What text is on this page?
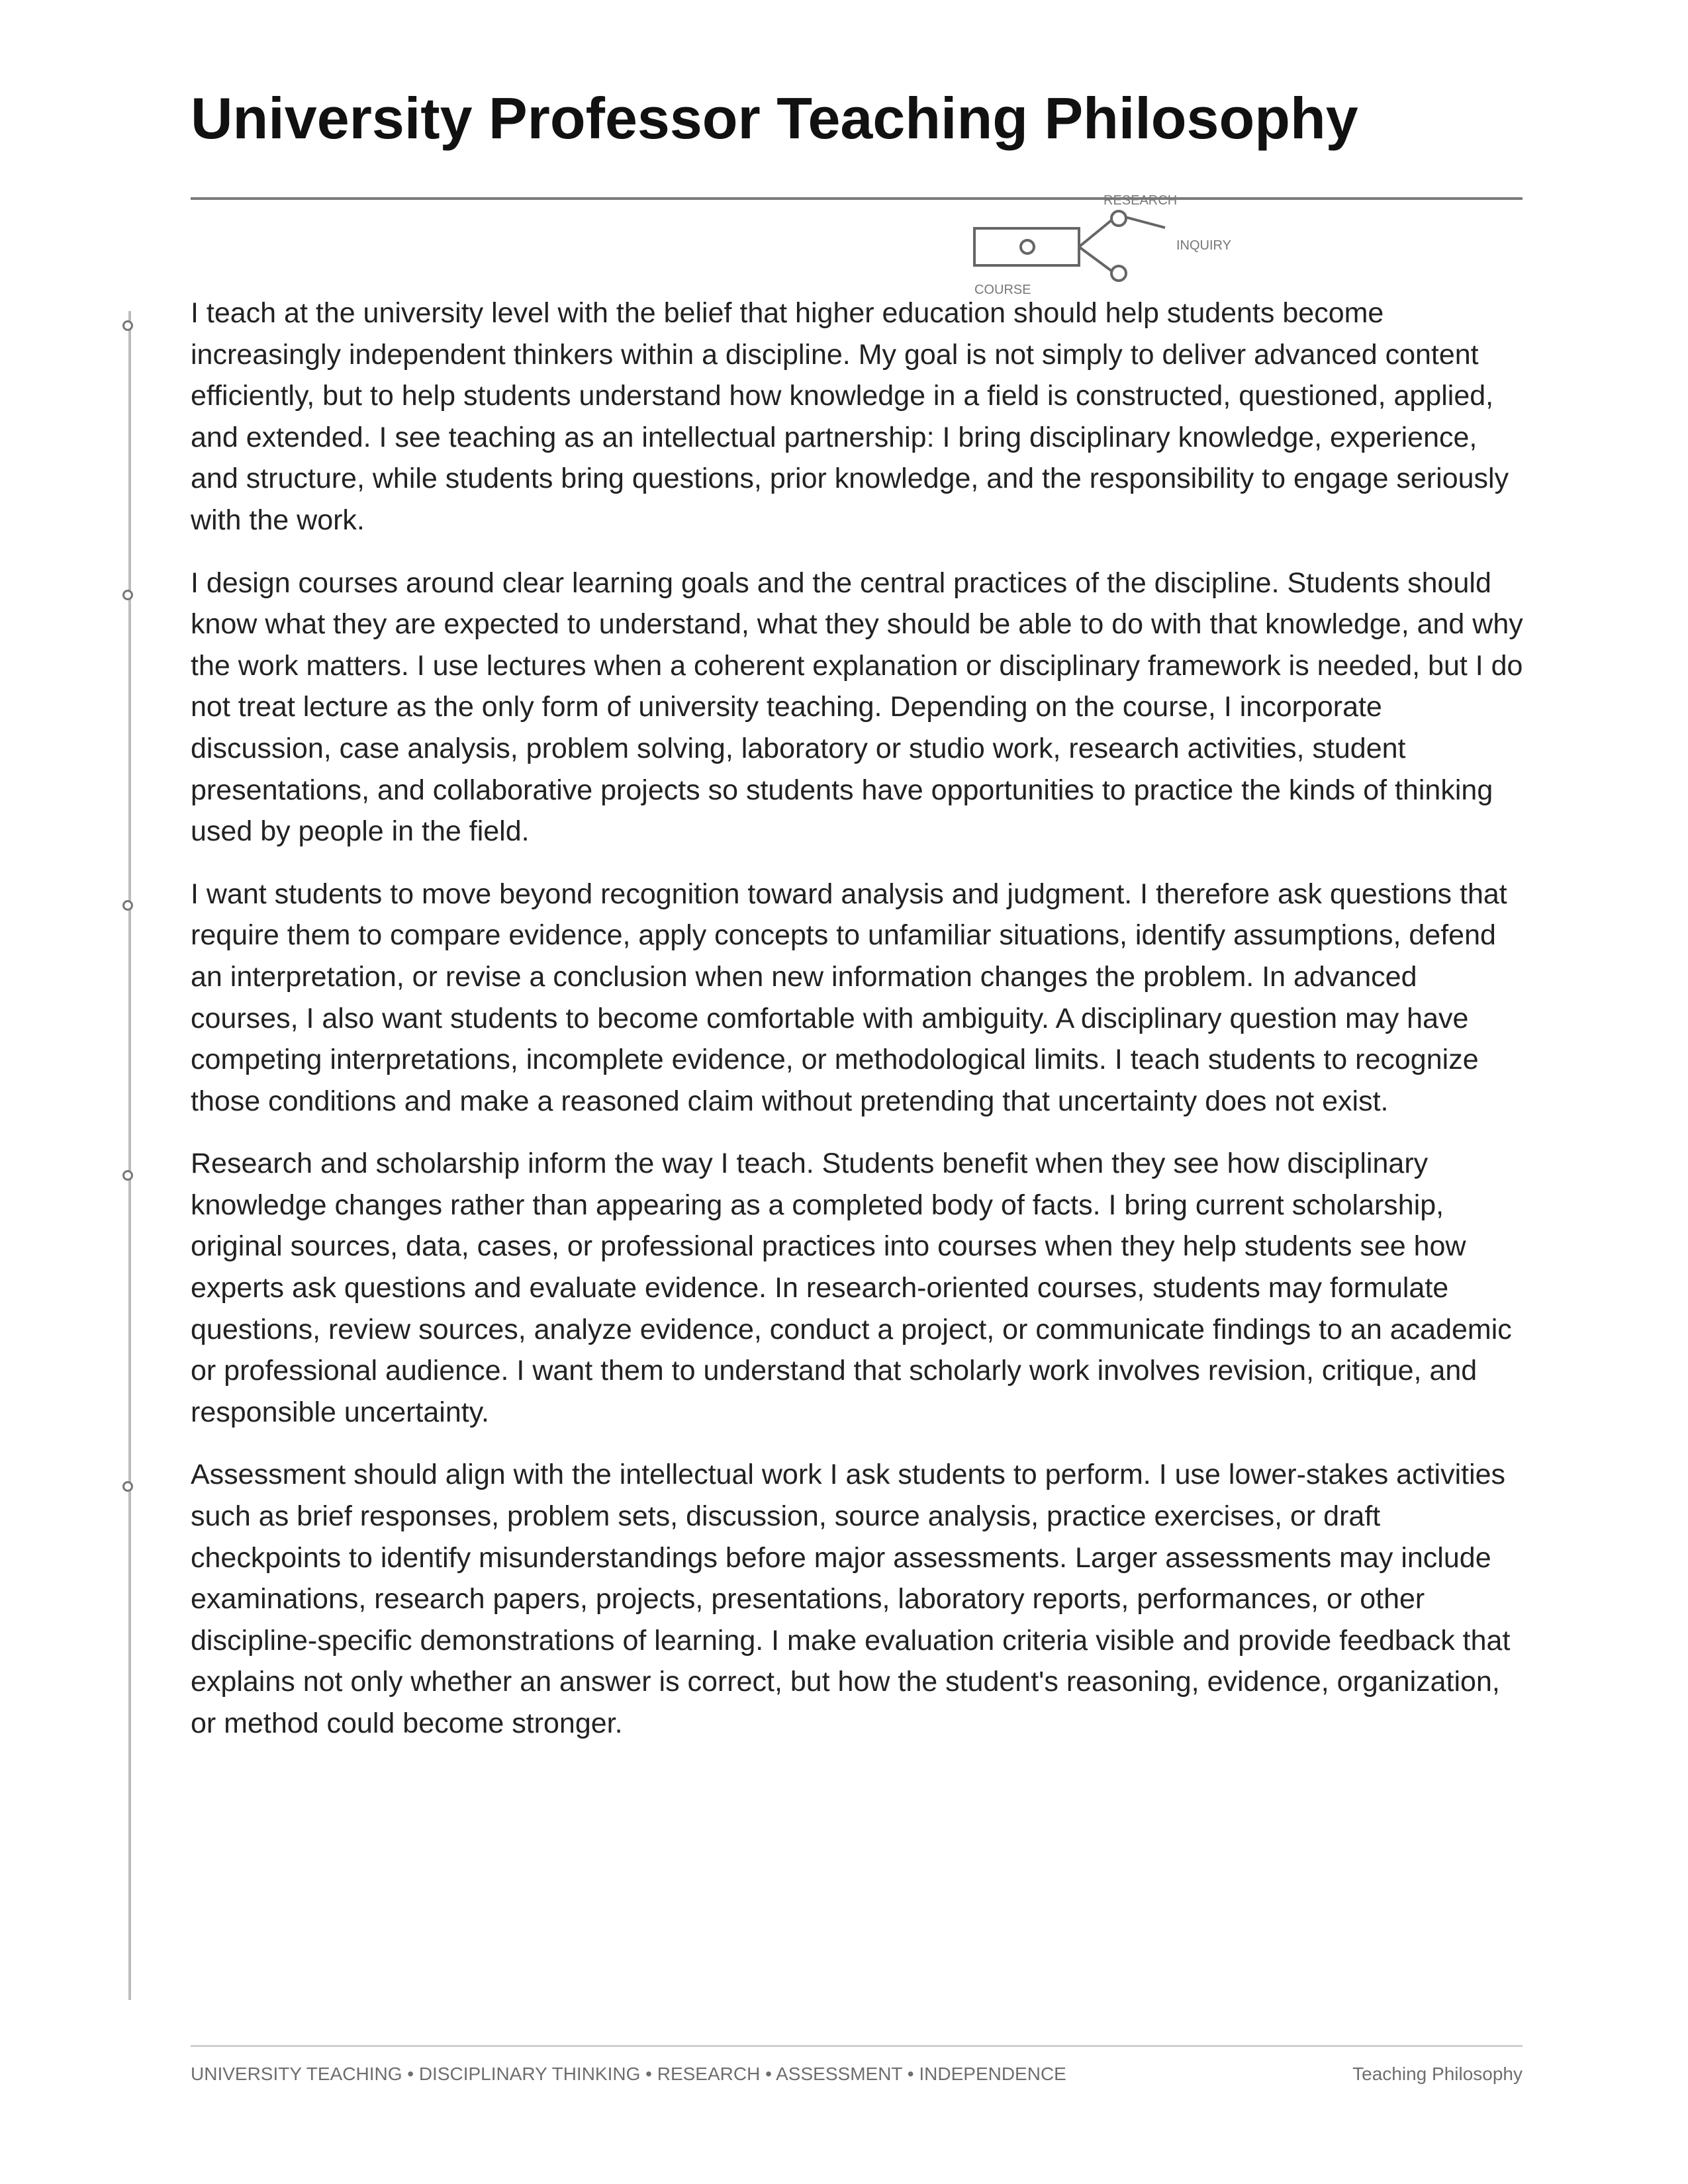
University Professor Teaching Philosophy
RESEARCH
INQUIRY
COURSE

I teach at the university level with the belief that higher education should help students become increasingly independent thinkers within a discipline. My goal is not simply to deliver advanced content efficiently, but to help students understand how knowledge in a field is constructed, questioned, applied, and extended. I see teaching as an intellectual partnership: I bring disciplinary knowledge, experience, and structure, while students bring questions, prior knowledge, and the responsibility to engage seriously with the work.

I design courses around clear learning goals and the central practices of the discipline. Students should know what they are expected to understand, what they should be able to do with that knowledge, and why the work matters. I use lectures when a coherent explanation or disciplinary framework is needed, but I do not treat lecture as the only form of university teaching. Depending on the course, I incorporate discussion, case analysis, problem solving, laboratory or studio work, research activities, student presentations, and collaborative projects so students have opportunities to practice the kinds of thinking used by people in the field.

I want students to move beyond recognition toward analysis and judgment. I therefore ask questions that require them to compare evidence, apply concepts to unfamiliar situations, identify assumptions, defend an interpretation, or revise a conclusion when new information changes the problem. In advanced courses, I also want students to become comfortable with ambiguity. A disciplinary question may have competing interpretations, incomplete evidence, or methodological limits. I teach students to recognize those conditions and make a reasoned claim without pretending that uncertainty does not exist.

Research and scholarship inform the way I teach. Students benefit when they see how disciplinary knowledge changes rather than appearing as a completed body of facts. I bring current scholarship, original sources, data, cases, or professional practices into courses when they help students see how experts ask questions and evaluate evidence. In research-oriented courses, students may formulate questions, review sources, analyze evidence, conduct a project, or communicate findings to an academic or professional audience. I want them to understand that scholarly work involves revision, critique, and responsible uncertainty.

Assessment should align with the intellectual work I ask students to perform. I use lower-stakes activities such as brief responses, problem sets, discussion, source analysis, practice exercises, or draft checkpoints to identify misunderstandings before major assessments. Larger assessments may include examinations, research papers, projects, presentations, laboratory reports, performances, or other discipline-specific demonstrations of learning. I make evaluation criteria visible and provide feedback that explains not only whether an answer is correct, but how the student's reasoning, evidence, organization, or method could become stronger.

UNIVERSITY TEACHING • DISCIPLINARY THINKING • RESEARCH • ASSESSMENT • INDEPENDENCE	Teaching Philosophy
